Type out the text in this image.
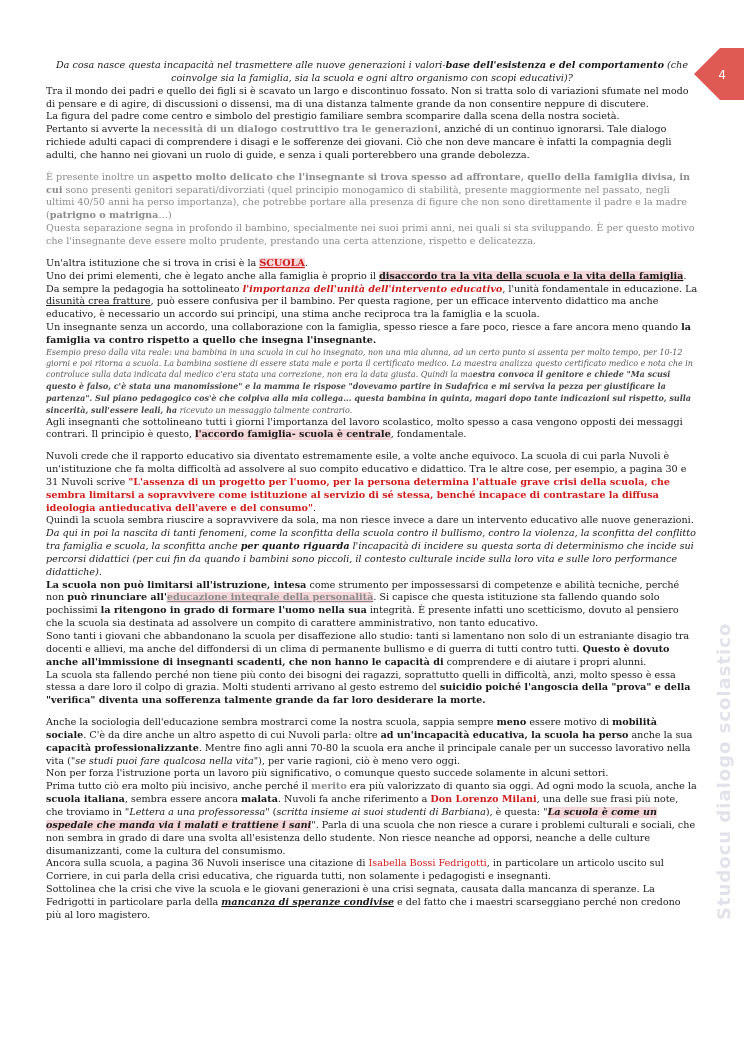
4
Studocu dialogo scolastico

Da cosa nasce questa incapacità nel trasmettere alle nuove generazioni i valori-base dell'esistenza e del comportamento (che coinvolge sia la famiglia, sia la scuola e ogni altro organismo con scopi educativi)?

Tra il mondo dei padri e quello dei figli si è scavato un largo e discontinuo fossato. Non si tratta solo di variazioni sfumate nel modo di pensare e di agire, di discussioni o dissensi, ma di una distanza talmente grande da non consentire neppure di discutere.

La figura del padre come centro e simbolo del prestigio familiare sembra scomparire dalla scena della nostra società.

Pertanto si avverte la necessità di un dialogo costruttivo tra le generazioni, anziché di un continuo ignorarsi. Tale dialogo richiede adulti capaci di comprendere i disagi e le sofferenze dei giovani. Ciò che non deve mancare è infatti la compagnia degli adulti, che hanno nei giovani un ruolo di guide, e senza i quali porterebbero una grande debolezza.

È presente inoltre un aspetto molto delicato che l'insegnante si trova spesso ad affrontare, quello della famiglia divisa, in cui sono presenti genitori separati/divorziati (quel principio monogamico di stabilità, presente maggiormente nel passato, negli ultimi 40/50 anni ha perso importanza), che potrebbe portare alla presenza di figure che non sono direttamente il padre e la madre (patrigno o matrigna…)

Questa separazione segna in profondo il bambino, specialmente nei suoi primi anni, nei quali si sta sviluppando. È per questo motivo che l'insegnante deve essere molto prudente, prestando una certa attenzione, rispetto e delicatezza.

Un'altra istituzione che si trova in crisi è la SCUOLA.

Uno dei primi elementi, che è legato anche alla famiglia è proprio il disaccordo tra la vita della scuola e la vita della famiglia. Da sempre la pedagogia ha sottolineato l'importanza dell'unità dell'intervento educativo, l'unità fondamentale in educazione. La disunità crea fratture, può essere confusiva per il bambino. Per questa ragione, per un efficace intervento didattico ma anche educativo, è necessario un accordo sui principi, una stima anche reciproca tra la famiglia e la scuola.

Un insegnante senza un accordo, una collaborazione con la famiglia, spesso riesce a fare poco, riesce a fare ancora meno quando la famiglia va contro rispetto a quello che insegna l'insegnante.

Esempio preso dalla vita reale: una bambina in una scuola in cui ho insegnato, non una mia alunna, ad un certo punto si assenta per molto tempo, per 10-12 giorni e poi ritorna a scuola. La bambina sostiene di essere stata male e porta il certificato medico. La maestra analizza questo certificato medico e nota che in controluce sulla data indicata dal medico c'era stata una correzione, non era la data giusta. Quindi la maestra convoca il genitore e chiede "Ma scusi questo è falso, c'è stata una manomissione" e la mamma le rispose "dovevamo partire in Sudafrica e mi serviva la pezza per giustificare la partenza". Sul piano pedagogico cos'è che colpiva alla mia collega... questa bambina in quinta, magari dopo tante indicazioni sul rispetto, sulla sincerità, sull'essere leali, ha ricevuto un messaggio talmente contrario.

Agli insegnanti che sottolineano tutti i giorni l'importanza del lavoro scolastico, molto spesso a casa vengono opposti dei messaggi contrari. Il principio è questo, l'accordo famiglia- scuola è centrale, fondamentale.

Nuvoli crede che il rapporto educativo sia diventato estremamente esile, a volte anche equivoco. La scuola di cui parla Nuvoli è un'istituzione che fa molta difficoltà ad assolvere al suo compito educativo e didattico. Tra le altre cose, per esempio, a pagina 30 e 31 Nuvoli scrive "L'assenza di un progetto per l'uomo, per la persona determina l'attuale grave crisi della scuola, che sembra limitarsi a sopravvivere come istituzione al servizio di sé stessa, benché incapace di contrastare la diffusa ideologia antieducativa dell'avere e del consumo".

Quindi la scuola sembra riuscire a sopravvivere da sola, ma non riesce invece a dare un intervento educativo alle nuove generazioni. Da qui in poi la nascita di tanti fenomeni, come la sconfitta della scuola contro il bullismo, contro la violenza, la sconfitta del conflitto tra famiglia e scuola, la sconfitta anche per quanto riguarda l'incapacità di incidere su questa sorta di determinismo che incide sui percorsi didattici (per cui fin da quando i bambini sono piccoli, il contesto culturale incide sulla loro vita e sulle loro performance didattiche).

La scuola non può limitarsi all'istruzione, intesa come strumento per impossessarsi di competenze e abilità tecniche, perché non può rinunciare all'educazione integrale della personalità. Si capisce che questa istituzione sta fallendo quando solo pochissimi la ritengono in grado di formare l'uomo nella sua integrità. È presente infatti uno scetticismo, dovuto al pensiero che la scuola sia destinata ad assolvere un compito di carattere amministrativo, non tanto educativo.

Sono tanti i giovani che abbandonano la scuola per disaffezione allo studio: tanti si lamentano non solo di un estraniante disagio tra docenti e allievi, ma anche del diffondersi di un clima di permanente bullismo e di guerra di tutti contro tutti. Questo è dovuto anche all'immissione di insegnanti scadenti, che non hanno le capacità di comprendere e di aiutare i propri alunni.

La scuola sta fallendo perché non tiene più conto dei bisogni dei ragazzi, soprattutto quelli in difficoltà, anzi, molto spesso è essa stessa a dare loro il colpo di grazia. Molti studenti arrivano al gesto estremo del suicidio poiché l'angoscia della "prova" e della "verifica" diventa una sofferenza talmente grande da far loro desiderare la morte.

Anche la sociologia dell'educazione sembra mostrarci come la nostra scuola, sappia sempre meno essere motivo di mobilità sociale. C'è da dire anche un altro aspetto di cui Nuvoli parla: oltre ad un'incapacità educativa, la scuola ha perso anche la sua capacità professionalizzante. Mentre fino agli anni 70-80 la scuola era anche il principale canale per un successo lavorativo nella vita ("se studi puoi fare qualcosa nella vita"), per varie ragioni, ciò è meno vero oggi.

Non per forza l'istruzione porta un lavoro più significativo, o comunque questo succede solamente in alcuni settori.

Prima tutto ciò era molto più incisivo, anche perché il merito era più valorizzato di quanto sia oggi. Ad ogni modo la scuola, anche la scuola italiana, sembra essere ancora malata. Nuvoli fa anche riferimento a Don Lorenzo Milani, una delle sue frasi più note, che troviamo in "Lettera a una professoressa" (scritta insieme ai suoi studenti di Barbiana), è questa: "La scuola è come un ospedale che manda via i malati e trattiene i sani". Parla di una scuola che non riesce a curare i problemi culturali e sociali, che non sembra in grado di dare una svolta all'esistenza dello studente. Non riesce neanche ad opporsi, neanche a delle culture disumanizzanti, come la cultura del consumismo.

Ancora sulla scuola, a pagina 36 Nuvoli inserisce una citazione di Isabella Bossi Fedrigotti, in particolare un articolo uscito sul Corriere, in cui parla della crisi educativa, che riguarda tutti, non solamente i pedagogisti e insegnanti.

Sottolinea che la crisi che vive la scuola e le giovani generazioni è una crisi segnata, causata dalla mancanza di speranze. La Fedrigotti in particolare parla della mancanza di speranze condivise e del fatto che i maestri scarseggiano perché non credono più al loro magistero.
